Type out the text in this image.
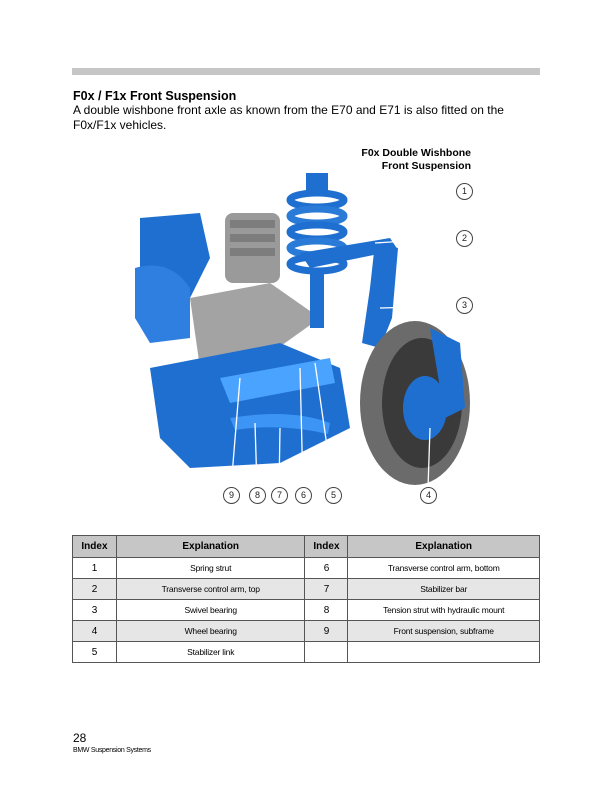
F0x / F1x Front Suspension
A double wishbone front axle as known from the E70 and E71 is also fitted on the F0x/F1x vehicles.
F0x Double Wishbone
Front Suspension
1
2
3
4
5
6
7
8
9
Index	Explanation	Index	Explanation
1	Spring strut	6	Transverse control arm, bottom
2	Transverse control arm, top	7	Stabilizer bar
3	Swivel bearing	8	Tension strut with hydraulic mount
4	Wheel bearing	9	Front suspension, subframe
5	Stabilizer link		
28
BMW Suspension Systems
